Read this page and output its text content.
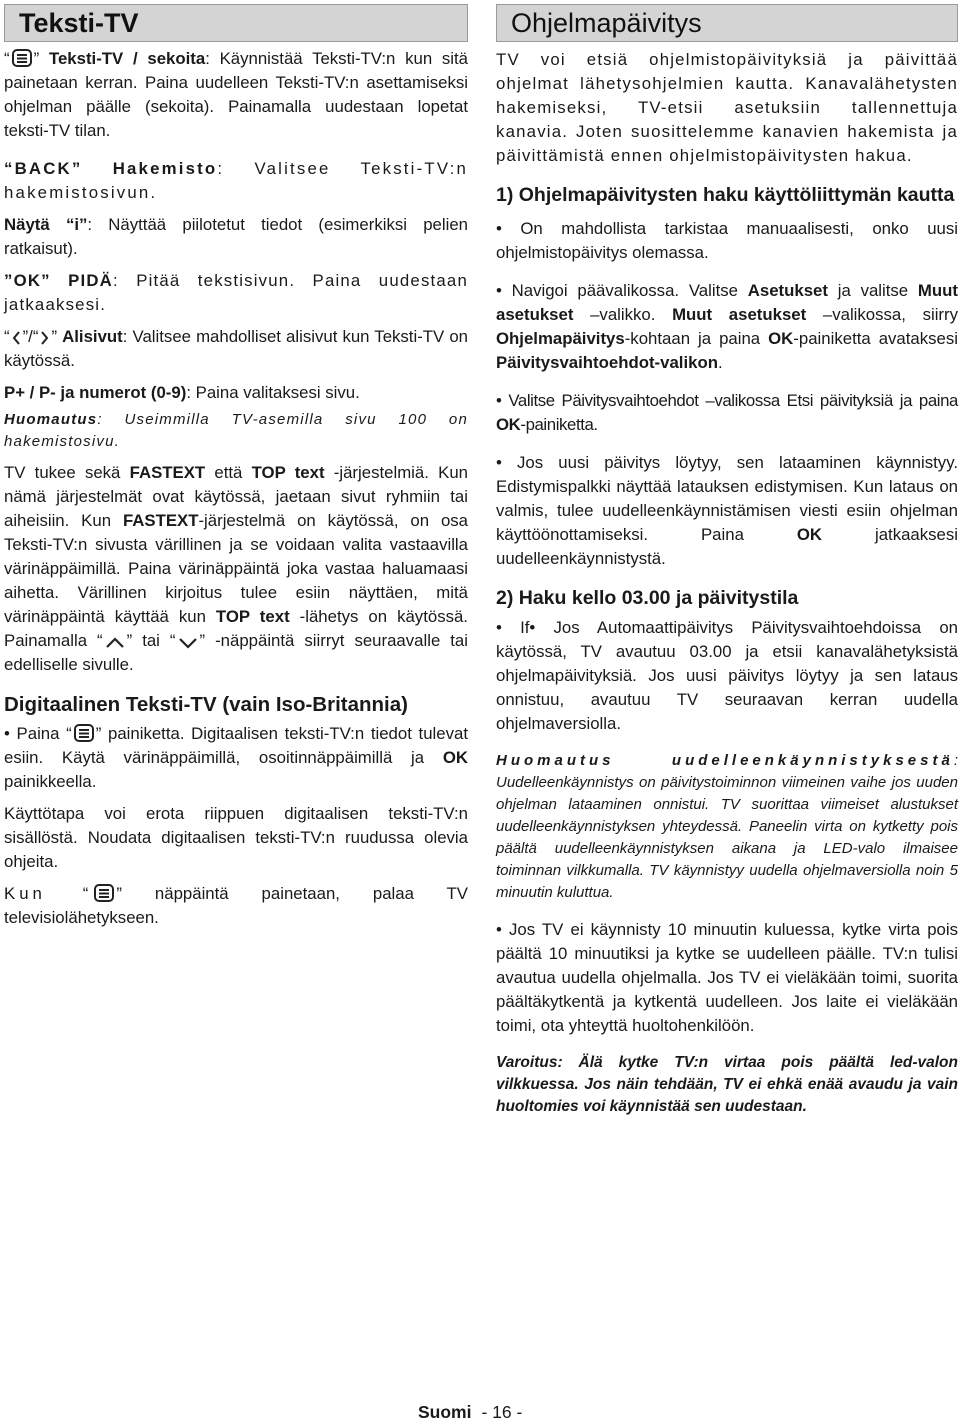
Teksti-TV

“ ” Teksti-TV / sekoita: Käynnistää Teksti-TV:n kun sitä painetaan kerran. Paina uudelleen Teksti-TV:n asettamiseksi ohjelman päälle (sekoita). Painamalla uudestaan lopetat teksti-TV tilan.

“BACK” Hakemisto: Valitsee Teksti-TV:n hakemistosivun.

Näytä “i”: Näyttää piilotetut tiedot (esimerkiksi pelien ratkaisut).

”OK” PIDÄ: Pitää tekstisivun. Paina uudestaan jatkaaksesi.

“ ”/“ ” Alisivut: Valitsee mahdolliset alisivut kun Teksti-TV on käytössä.

P+ / P- ja numerot (0-9): Paina valitaksesi sivu.

Huomautus: Useimmilla TV-asemilla sivu 100 on hakemistosivu.

TV tukee sekä FASTEXT että TOP text -järjestelmiä. Kun nämä järjestelmät ovat käytössä, jaetaan sivut ryhmiin tai aiheisiin. Kun FASTEXT-järjestelmä on käytössä, on osa Teksti-TV:n sivusta värillinen ja se voidaan valita vastaavilla värinäppäimillä. Paina värinäppäintä joka vastaa haluamaasi aihetta. Värillinen kirjoitus tulee esiin näyttäen, mitä värinäppäintä käyttää kun TOP text -lähetys on käytössä. Painamalla “ ” tai “ ” -näppäintä siirryt seuraavalle tai edelliselle sivulle.

Digitaalinen Teksti-TV (vain Iso-Britannia)

• Paina “ ” painiketta. Digitaalisen teksti-TV:n tiedot tulevat esiin. Käytä värinäppäimillä, osoitinnäppäimillä ja OK painikkeella.

Käyttötapa voi erota riippuen digitaalisen teksti-TV:n sisällöstä. Noudata digitaalisen teksti-TV:n ruudussa olevia ohjeita.

Kun “ ” näppäintä painetaan, palaa TV televisiolähetykseen.

Ohjelmapäivitys

TV voi etsiä ohjelmistopäivityksiä ja päivittää ohjelmat lähetysohjelmien kautta. Kanavalähetysten hakemiseksi, TV-etsii asetuksiin tallennettuja kanavia. Joten suosittelemme kanavien hakemista ja päivittämistä ennen ohjelmistopäivitysten hakua.

1) Ohjelmapäivitysten haku käyttöliittymän kautta

• On mahdollista tarkistaa manuaalisesti, onko uusi ohjelmistopäivitys olemassa.

• Navigoi päävalikossa. Valitse Asetukset ja valitse Muut asetukset –valikko. Muut asetukset –valikossa, siirry Ohjelmapäivitys-kohtaan ja paina OK-painiketta avataksesi Päivitysvaihtoehdot-valikon.

• Valitse Päivitysvaihtoehdot –valikossa Etsi päivityksiä ja paina OK-painiketta.

• Jos uusi päivitys löytyy, sen lataaminen käynnistyy. Edistymispalkki näyttää latauksen edistymisen. Kun lataus on valmis, tulee uudelleenkäynnistämisen viesti esiin ohjelman käyttöönottamiseksi. Paina OK jatkaaksesi uudelleenkäynnistystä.

2) Haku kello 03.00 ja päivitystila

• If• Jos Automaattipäivitys Päivitysvaihtoehdoissa on käytössä, TV avautuu 03.00 ja etsii kanavalähetyksistä ohjelmapäivityksiä. Jos uusi päivitys löytyy ja sen lataus onnistuu, avautuu TV seuraavan kerran uudella ohjelmaversiolla.

Huomautus uudelleenkäynnistyksestä: Uudelleenkäynnistys on päivitystoiminnon viimeinen vaihe jos uuden ohjelman lataaminen onnistui. TV suorittaa viimeiset alustukset uudelleenkäynnistyksen yhteydessä. Paneelin virta on kytketty pois päältä uudelleenkäynnistyksen aikana ja LED-valo ilmaisee toiminnan vilkkumalla. TV käynnistyy uudella ohjelmaversiolla noin 5 minuutin kuluttua.

• Jos TV ei käynnisty 10 minuutin kuluessa, kytke virta pois päältä 10 minuutiksi ja kytke se uudelleen päälle. TV:n tulisi avautua uudella ohjelmalla. Jos TV ei vieläkään toimi, suorita päältäkytkentä ja kytkentä uudelleen. Jos laite ei vieläkään toimi, ota yhteyttä huoltohenkilöön.

Varoitus: Älä kytke TV:n virtaa pois päältä led-valon vilkkuessa. Jos näin tehdään, TV ei ehkä enää avaudu ja vain huoltomies voi käynnistää sen uudestaan.

Suomi - 16 -
